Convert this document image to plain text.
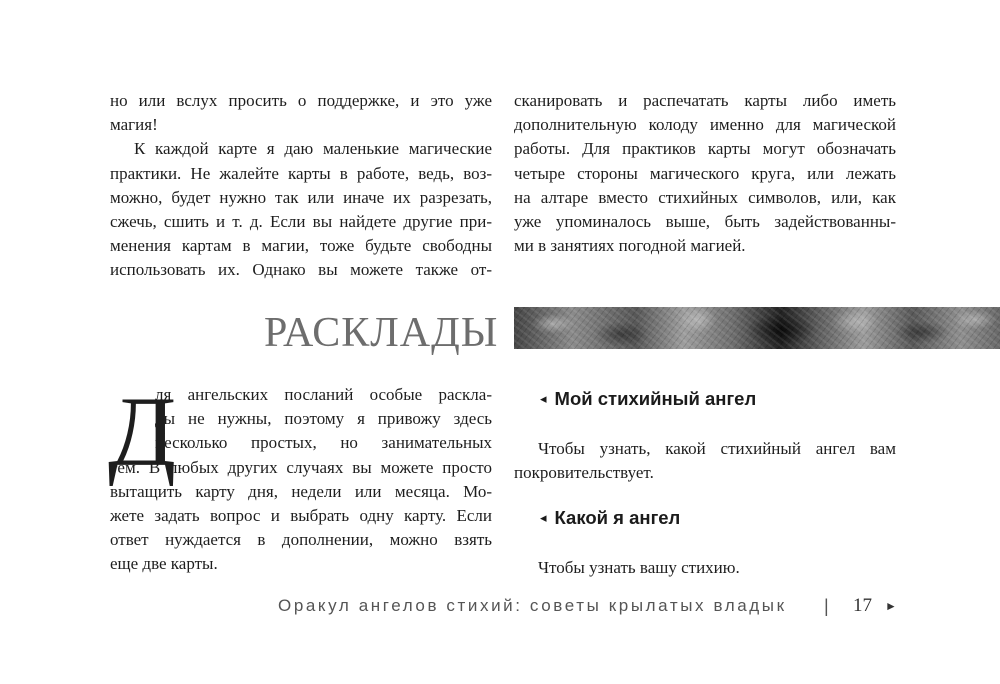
но или вслух просить о поддержке, и это уже
магия!
К каждой карте я даю маленькие магические
практики. Не жалейте карты в работе, ведь, воз-
можно, будет нужно так или иначе их разрезать,
сжечь, сшить и т. д. Если вы найдете другие при-
менения картам в магии, тоже будьте свободны
использовать их. Однако вы можете также от-
сканировать и распечатать карты либо иметь
дополнительную колоду именно для магической
работы. Для практиков карты могут обозначать
четыре стороны магического круга, или лежать
на алтаре вместо стихийных символов, или, как
уже упоминалось выше, быть задействованны-
ми в занятиях погодной магией.
РАСКЛАДЫ
Д
ля ангельских посланий особые расклa-
ды не нужны, поэтому я привожу здесь
несколько простых, но занимательных
тем. В любых других случаях вы можете просто
вытащить карту дня, недели или месяца. Мо-
жете задать вопрос и выбрать одну карту. Если
ответ нуждается в дополнении, можно взять
еще две карты.
◂ Мой стихийный ангел
Чтобы узнать, какой стихийный ангел вам
покровительствует.
◂ Какой я ангел
Чтобы узнать вашу стихию.
Оракул ангелов стихий: советы крылатых владык | 17 ►
